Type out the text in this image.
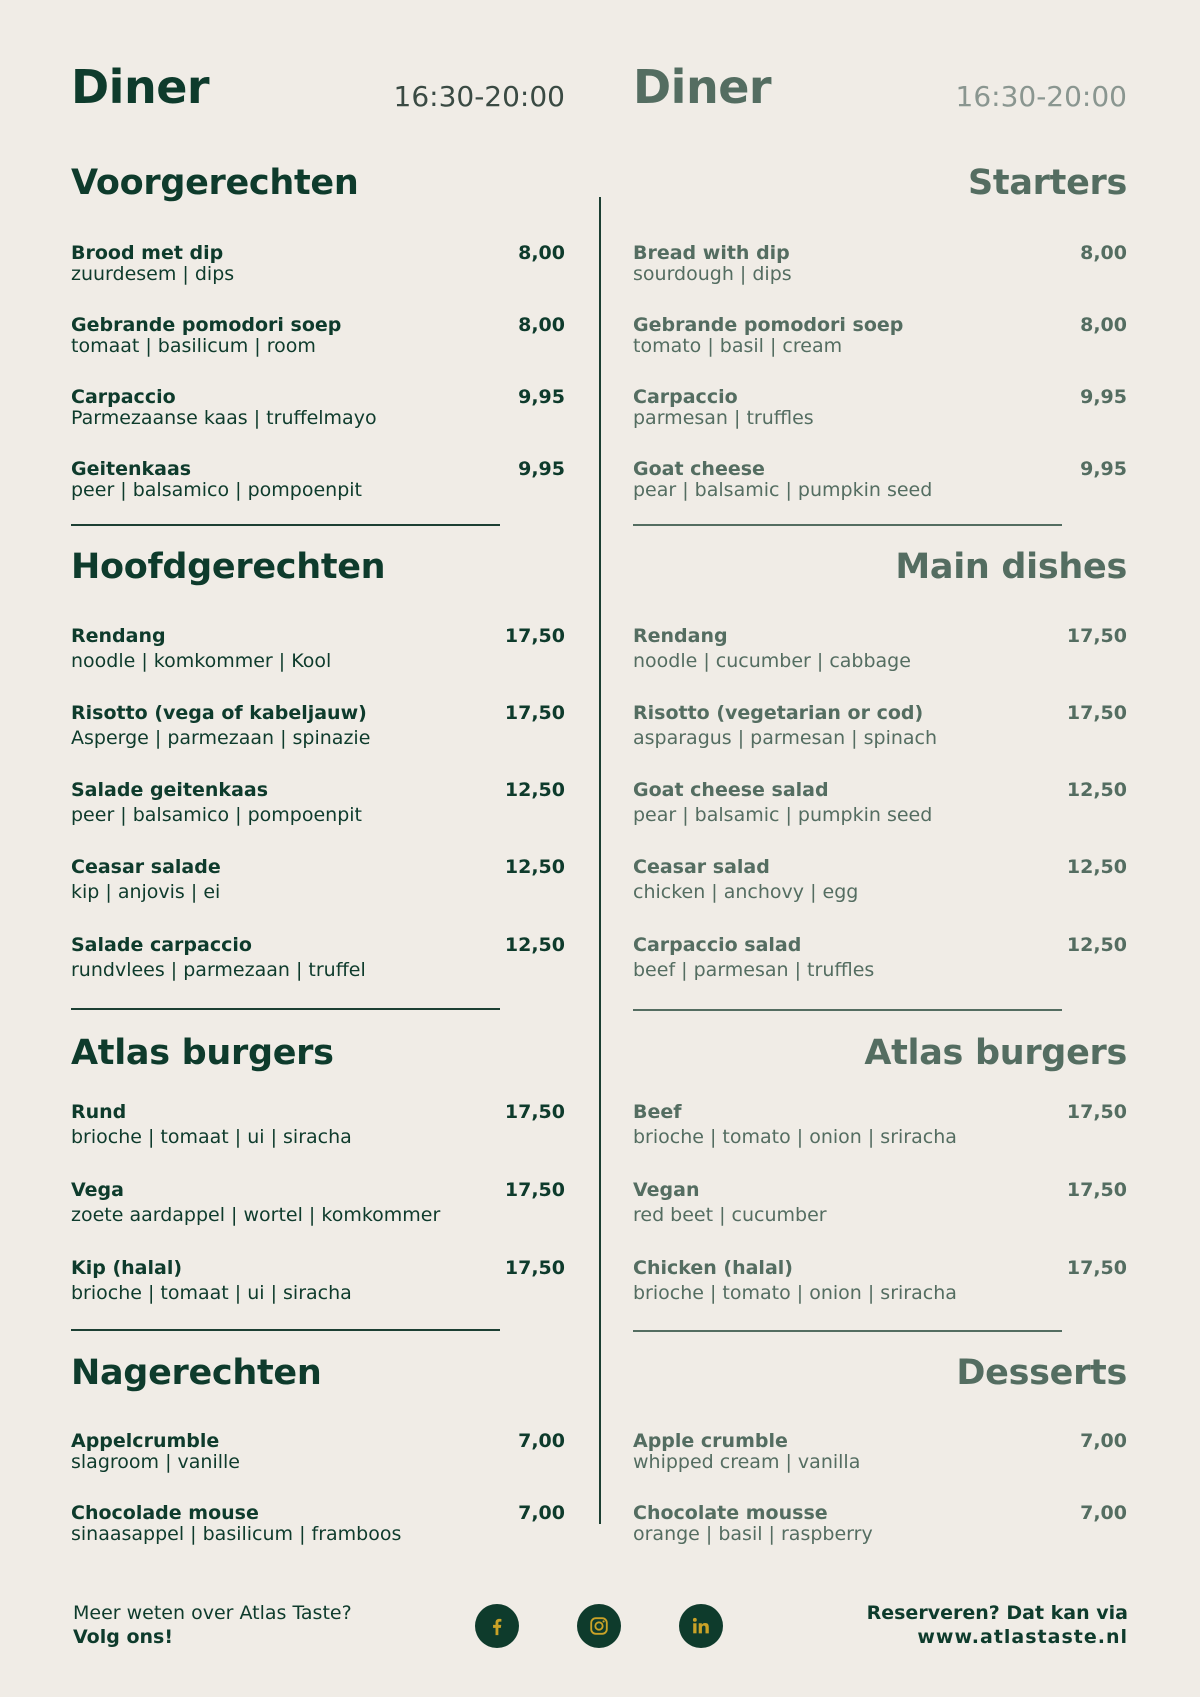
Diner	16:30-20:00
Voorgerechten
Brood met dip
zuurdesem | dips
8,00
Gebrande pomodori soep
tomaat | basilicum | room
8,00
Carpaccio
Parmezaanse kaas | truffelmayo
9,95
Geitenkaas
peer | balsamico | pompoenpit
9,95
Hoofdgerechten
Rendang
noodle | komkommer | Kool
17,50
Risotto (vega of kabeljauw)
Asperge | parmezaan | spinazie
17,50
Salade geitenkaas
peer | balsamico | pompoenpit
12,50
Ceasar salade
kip | anjovis | ei
12,50
Salade carpaccio
rundvlees | parmezaan | truffel
12,50
Atlas burgers
Rund
brioche | tomaat | ui | siracha
17,50
Vega
zoete aardappel | wortel | komkommer
17,50
Kip (halal)
brioche | tomaat | ui | siracha
17,50
Nagerechten
Appelcrumble
slagroom | vanille
7,00
Chocolade mouse
sinaasappel | basilicum | framboos
7,00
Diner	16:30-20:00
Starters
Bread with dip
sourdough | dips
8,00
Gebrande pomodori soep
tomato | basil | cream
8,00
Carpaccio
parmesan | truffles
9,95
Goat cheese
pear | balsamic | pumpkin seed
9,95
Main dishes
Rendang
noodle | cucumber | cabbage
17,50
Risotto (vegetarian or cod)
asparagus | parmesan | spinach
17,50
Goat cheese salad
pear | balsamic | pumpkin seed
12,50
Ceasar salad
chicken | anchovy | egg
12,50
Carpaccio salad
beef | parmesan | truffles
12,50
Atlas burgers
Beef
brioche | tomato | onion | sriracha
17,50
Vegan
red beet | cucumber
17,50
Chicken (halal)
brioche | tomato | onion | sriracha
17,50
Desserts
Apple crumble
whipped cream | vanilla
7,00
Chocolate mousse
orange | basil | raspberry
7,00
Meer weten over Atlas Taste?
Volg ons!
Reserveren? Dat kan via
www.atlastaste.nl
